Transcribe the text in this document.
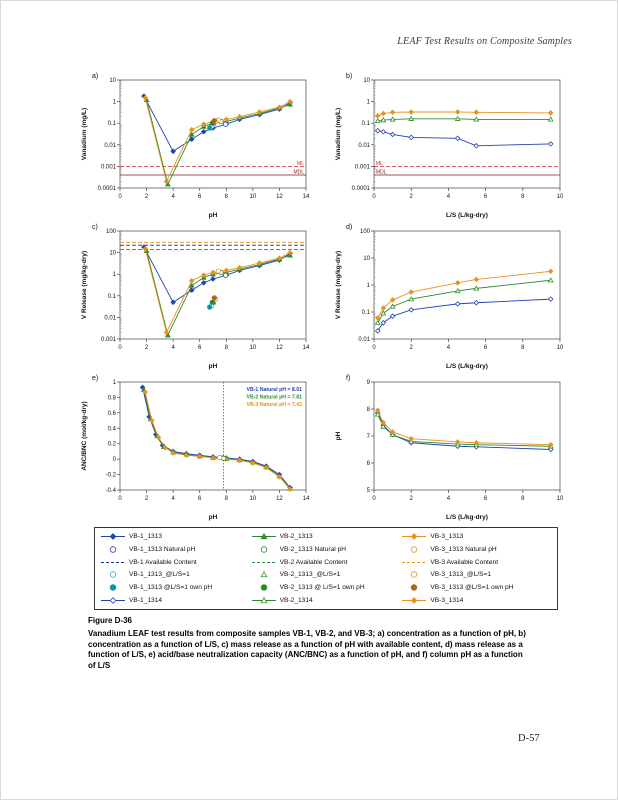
LEAF Test Results on Composite Samples
a)
0	2	4	6	8	10	12	14
10
1
0.1
0.01
0.001
0.0001
ML
MDL
pH
Vanadium (mg/L)
b)
0	2	4	6	8	10
10
1
0.1
0.01
0.001
0.0001
ML
MDL
L/S (L/kg-dry)
Vanadium (mg/L)
c)
0	2	4	6	8	10	12	14
100
10
1
0.1
0.01
0.001
pH
V Release (mg/kg-dry)
d)
0	2	4	6	8	10
100
10
1
0.1
0.01
L/S (L/kg-dry)
V Release (mg/kg-dry)
e)
0	2	4	6	8	10	12	14
1
0.8
0.6
0.4
0.2
0
-0.2
-0.4
VB-1 Natural pH = 8.01
VB-2 Natural pH = 7.81
VB-3 Natural pH = 7.42
pH
ANC/BNC (mol/kg-dry)
f)
0	2	4	6	8	10
9
8
7
6
5
L/S (L/kg-dry)
pH
VB-1_1313	VB-2_1313	VB-3_1313
VB-1_1313 Natural pH	VB-2_1313 Natural pH	VB-3_1313 Natural pH
VB-1 Available Content	VB-2 Available Content	VB-3 Available Content
VB-1_1313_@L/S=1	VB-2_1313_@L/S=1	VB-3_1313_@L/S=1
VB-1_1313 @L/S=1 own pH	VB-2_1313 @ L/S=1 own pH	VB-3_1313 @L/S=1 own pH
VB-1_1314	VB-2_1314	VB-3_1314
Figure D-36
Vanadium LEAF test results from composite samples VB-1, VB-2, and VB-3; a) concentration as a function of pH, b) concentration as a function of L/S, c) mass release as a function of pH with available content, d) mass release as a function of L/S, e) acid/base neutralization capacity (ANC/BNC) as a function of pH, and f) column pH as a function of L/S
D-57
